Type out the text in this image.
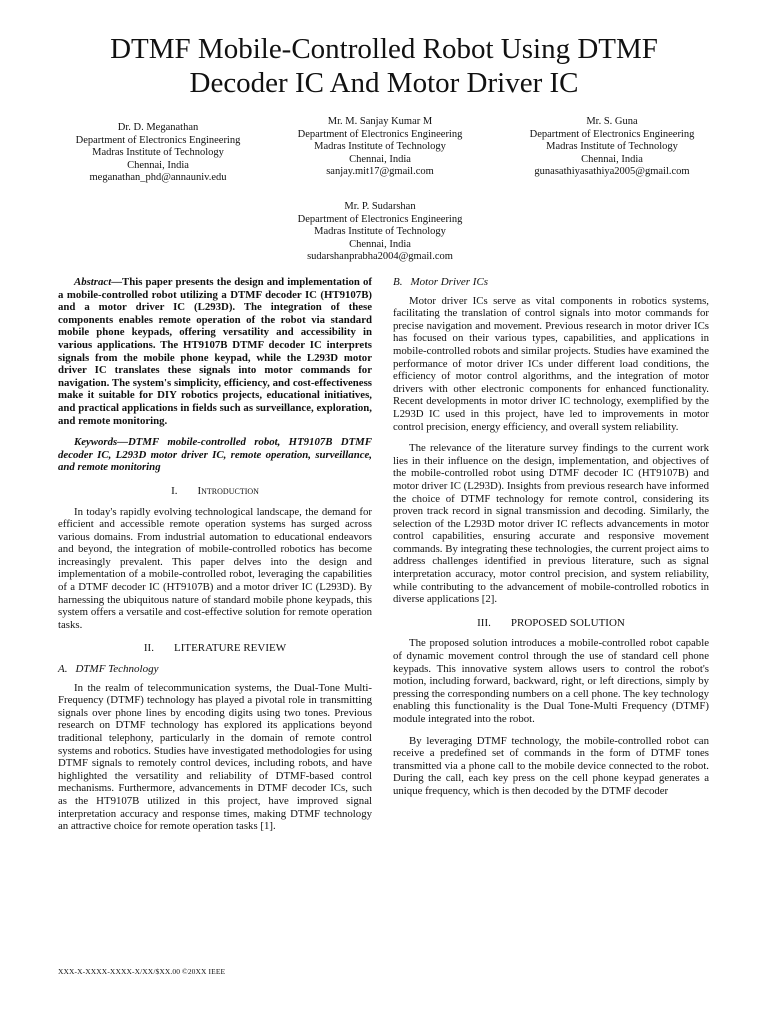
DTMF Mobile-Controlled Robot Using DTMF
Decoder IC And Motor Driver IC
Dr. D. Meganathan
Department of Electronics Engineering
Madras Institute of Technology
Chennai, India
meganathan_phd@annauniv.edu
Mr. M. Sanjay Kumar M
Department of Electronics Engineering
Madras Institute of Technology
Chennai, India
sanjay.mit17@gmail.com
Mr. S. Guna
Department of Electronics Engineering
Madras Institute of Technology
Chennai, India
gunasathiyasathiya2005@gmail.com
Mr. P. Sudarshan
Department of Electronics Engineering
Madras Institute of Technology
Chennai, India
sudarshanprabha2004@gmail.com

Abstract—This paper presents the design and implementation of a mobile-controlled robot utilizing a DTMF decoder IC (HT9107B) and a motor driver IC (L293D). The integration of these components enables remote operation of the robot via standard mobile phone keypads, offering versatility and accessibility in various applications. The HT9107B DTMF decoder IC interprets signals from the mobile phone keypad, while the L293D motor driver IC translates these signals into motor commands for navigation. The system's simplicity, efficiency, and cost-effectiveness make it suitable for DIY robotics projects, educational initiatives, and practical applications in fields such as surveillance, exploration, and remote monitoring.

Keywords—DTMF mobile-controlled robot, HT9107B DTMF decoder IC, L293D motor driver IC, remote operation, surveillance, and remote monitoring

I. Introduction

In today's rapidly evolving technological landscape, the demand for efficient and accessible remote operation systems has surged across various domains. From industrial automation to educational endeavors and beyond, the integration of mobile-controlled robotics has become increasingly prevalent. This paper delves into the design and implementation of a mobile-controlled robot, leveraging the capabilities of a DTMF decoder IC (HT9107B) and a motor driver IC (L293D). By harnessing the ubiquitous nature of standard mobile phone keypads, this system offers a versatile and cost-effective solution for remote operation tasks.

II. LITERATURE REVIEW

A. DTMF Technology

In the realm of telecommunication systems, the Dual-Tone Multi-Frequency (DTMF) technology has played a pivotal role in transmitting signals over phone lines by encoding digits using two tones. Previous research on DTMF technology has explored its applications beyond traditional telephony, particularly in the domain of remote control systems and robotics. Studies have investigated methodologies for using DTMF signals to remotely control devices, including robots, and have highlighted the versatility and reliability of DTMF-based control mechanisms. Furthermore, advancements in DTMF decoder ICs, such as the HT9107B utilized in this project, have improved signal interpretation accuracy and response times, making DTMF technology an attractive choice for remote operation tasks [1].

B. Motor Driver ICs

Motor driver ICs serve as vital components in robotics systems, facilitating the translation of control signals into motor commands for precise navigation and movement. Previous research in motor driver ICs has focused on their various types, capabilities, and applications in mobile-controlled robots and similar projects. Studies have examined the performance of motor driver ICs under different load conditions, the efficiency of motor control algorithms, and the integration of motor drivers with other electronic components for enhanced functionality. Recent developments in motor driver IC technology, exemplified by the L293D IC used in this project, have led to improvements in motor control precision, energy efficiency, and overall system reliability.

The relevance of the literature survey findings to the current work lies in their influence on the design, implementation, and objectives of the mobile-controlled robot using DTMF decoder IC (HT9107B) and motor driver IC (L293D). Insights from previous research have informed the choice of DTMF technology for remote control, considering its proven track record in signal transmission and decoding. Similarly, the selection of the L293D motor driver IC reflects advancements in motor control capabilities, ensuring accurate and responsive movement commands. By integrating these technologies, the current project aims to address challenges identified in previous literature, such as signal interpretation accuracy, motor control precision, and system reliability, while contributing to the advancement of mobile-controlled robotics in diverse applications [2].

III. PROPOSED SOLUTION

The proposed solution introduces a mobile-controlled robot capable of dynamic movement control through the use of standard cell phone keypads. This innovative system allows users to control the robot's motion, including forward, backward, right, or left directions, simply by pressing the corresponding numbers on a cell phone. The key technology enabling this functionality is the Dual Tone-Multi Frequency (DTMF) module integrated into the robot.

By leveraging DTMF technology, the mobile-controlled robot can receive a predefined set of commands in the form of DTMF tones transmitted via a phone call to the mobile device connected to the robot. During the call, each key press on the cell phone keypad generates a unique frequency, which is then decoded by the DTMF decoder

XXX-X-XXXX-XXXX-X/XX/$XX.00 ©20XX IEEE
